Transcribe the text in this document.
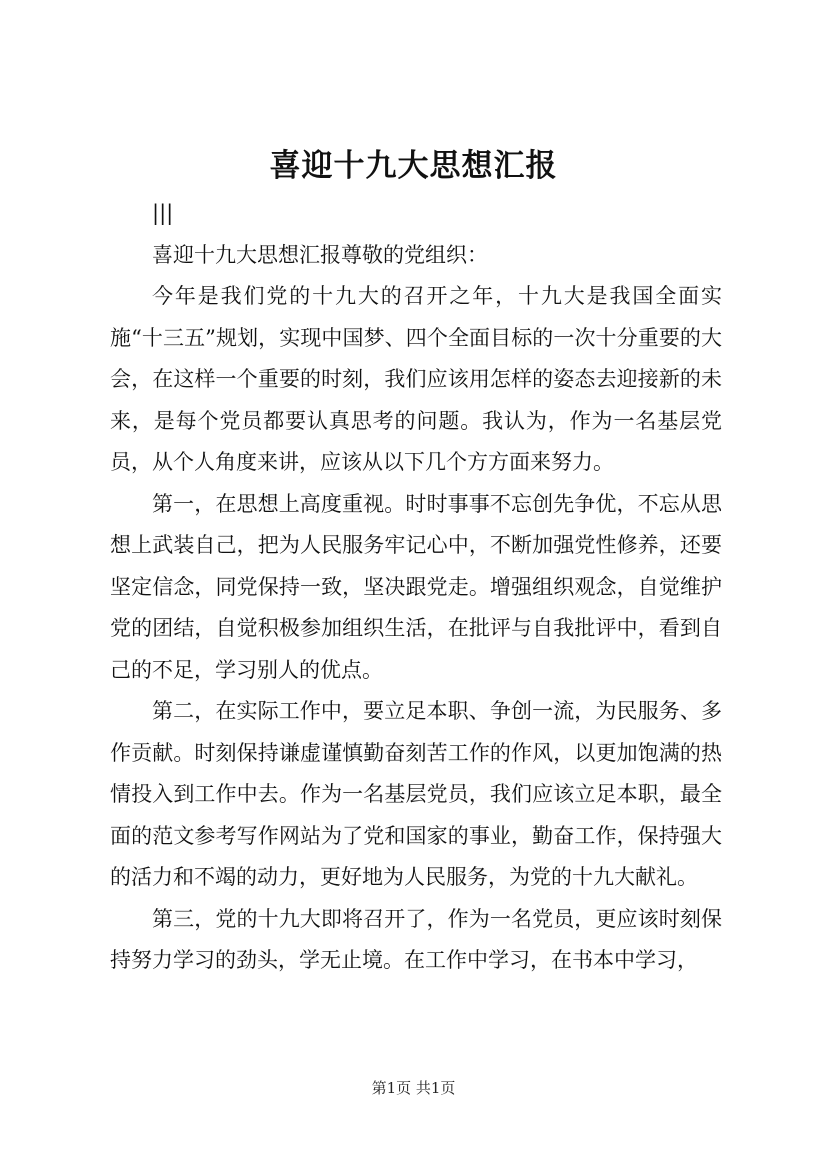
喜迎十九大思想汇报

|||

喜迎十九大思想汇报尊敬的党组织：

今年是我们党的十九大的召开之年，十九大是我国全面实施“十三五”规划，实现中国梦、四个全面目标的一次十分重要的大会，在这样一个重要的时刻，我们应该用怎样的姿态去迎接新的未来，是每个党员都要认真思考的问题。我认为，作为一名基层党员，从个人角度来讲，应该从以下几个方方面来努力。

第一，在思想上高度重视。时时事事不忘创先争优，不忘从思想上武装自己，把为人民服务牢记心中，不断加强党性修养，还要坚定信念，同党保持一致，坚决跟党走。增强组织观念，自觉维护党的团结，自觉积极参加组织生活，在批评与自我批评中，看到自己的不足，学习别人的优点。

第二，在实际工作中，要立足本职、争创一流，为民服务、多作贡献。时刻保持谦虚谨慎勤奋刻苦工作的作风，以更加饱满的热情投入到工作中去。作为一名基层党员，我们应该立足本职，最全面的范文参考写作网站为了党和国家的事业，勤奋工作，保持强大的活力和不竭的动力，更好地为人民服务，为党的十九大献礼。

第三，党的十九大即将召开了，作为一名党员，更应该时刻保持努力学习的劲头，学无止境。在工作中学习，在书本中学习，

第1页 共1页
